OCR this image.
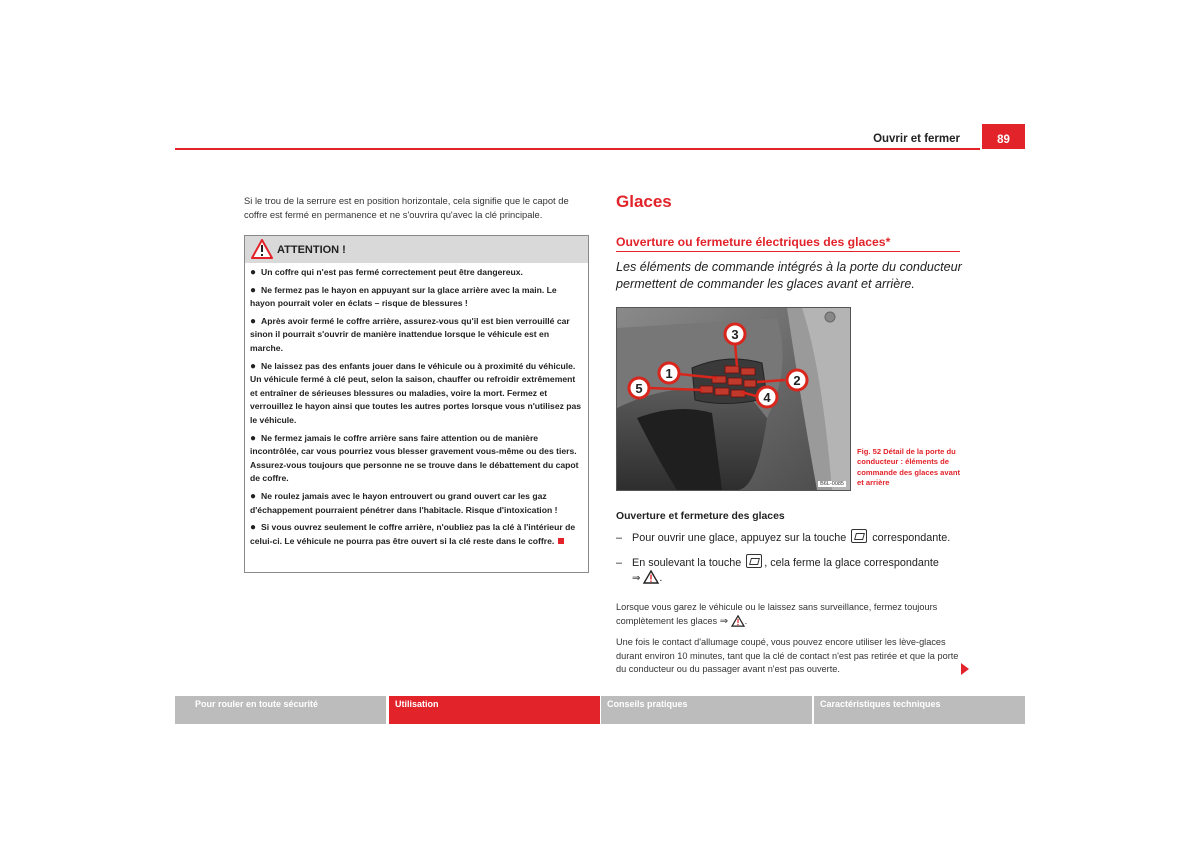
Ouvrir et fermer	89
Si le trou de la serrure est en position horizontale, cela signifie que le capot de coffre est fermé en permanence et ne s'ouvrira qu'avec la clé principale.
ATTENTION !
● Un coffre qui n'est pas fermé correctement peut être dangereux.
● Ne fermez pas le hayon en appuyant sur la glace arrière avec la main. Le hayon pourrait voler en éclats – risque de blessures !
● Après avoir fermé le coffre arrière, assurez-vous qu'il est bien verrouillé car sinon il pourrait s'ouvrir de manière inattendue lorsque le véhicule est en marche.
● Ne laissez pas des enfants jouer dans le véhicule ou à proximité du véhicule. Un véhicule fermé à clé peut, selon la saison, chauffer ou refroidir extrêmement et entraîner de sérieuses blessures ou maladies, voire la mort. Fermez et verrouillez le hayon ainsi que toutes les autres portes lorsque vous n'utilisez pas le véhicule.
● Ne fermez jamais le coffre arrière sans faire attention ou de manière incontrôlée, car vous pourriez vous blesser gravement vous-même ou des tiers. Assurez-vous toujours que personne ne se trouve dans le débattement du capot de coffre.
● Ne roulez jamais avec le hayon entrouvert ou grand ouvert car les gaz d'échappement pourraient pénétrer dans l'habitacle. Risque d'intoxication !
● Si vous ouvrez seulement le coffre arrière, n'oubliez pas la clé à l'intérieur de celui-ci. Le véhicule ne pourra pas être ouvert si la clé reste dans le coffre.
Glaces
Ouverture ou fermeture électriques des glaces*
Les éléments de commande intégrés à la porte du conducteur permettent de commander les glaces avant et arrière.
1	2
3
4
5
B6L-0085
Fig. 52 Détail de la porte du conducteur : éléments de commande des glaces avant et arrière
Ouverture et fermeture des glaces
– Pour ouvrir une glace, appuyez sur la touche correspondante.
– En soulevant la touche , cela ferme la glace correspondante
⇒ .
Lorsque vous garez le véhicule ou le laissez sans surveillance, fermez toujours complètement les glaces ⇒ .
Une fois le contact d'allumage coupé, vous pouvez encore utiliser les lève-glaces durant environ 10 minutes, tant que la clé de contact n'est pas retirée et que la porte du conducteur ou du passager avant n'est pas ouverte.
Pour rouler en toute sécurité	Utilisation	Conseils pratiques	Caractéristiques techniques
